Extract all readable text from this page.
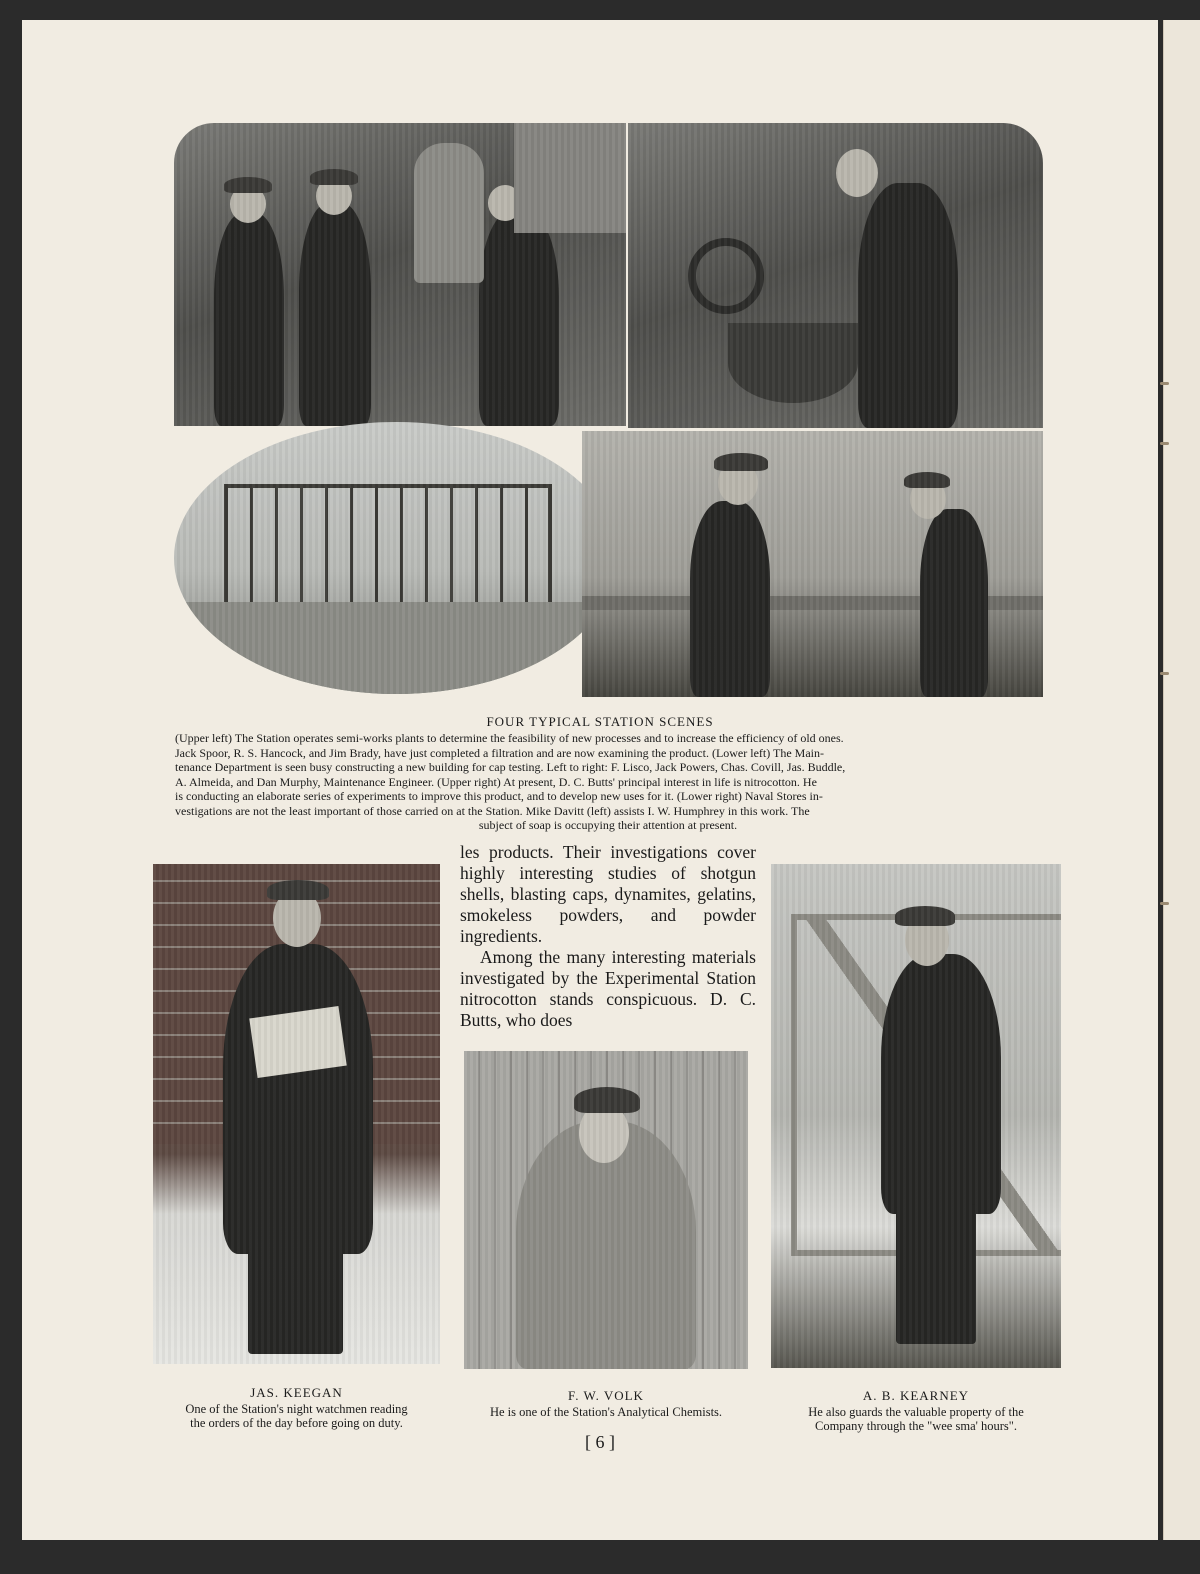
FOUR TYPICAL STATION SCENES
(Upper left) The Station operates semi-works plants to determine the feasibility of new processes and to increase the efficiency of old ones.
Jack Spoor, R. S. Hancock, and Jim Brady, have just completed a filtration and are now examining the product. (Lower left) The Main-
tenance Department is seen busy constructing a new building for cap testing. Left to right: F. Lisco, Jack Powers, Chas. Covill, Jas. Buddle,
A. Almeida, and Dan Murphy, Maintenance Engineer. (Upper right) At present, D. C. Butts' principal interest in life is nitrocotton. He
is conducting an elaborate series of experiments to improve this product, and to develop new uses for it. (Lower right) Naval Stores in-
vestigations are not the least important of those carried on at the Station. Mike Davitt (left) assists I. W. Humphrey in this work. The
subject of soap is occupying their attention at present.

les products. Their investigations cover highly interesting studies of shotgun shells, blasting caps, dynamites, gelatins, smokeless powders, and powder ingredients.

Among the many interesting materials investigated by the Experimental Station nitrocotton stands conspicuous. D. C. Butts, who does

JAS. KEEGAN
One of the Station's night watchmen reading
the orders of the day before going on duty.
F. W. VOLK
He is one of the Station's Analytical Chemists.
A. B. KEARNEY
He also guards the valuable property of the
Company through the "wee sma' hours".
[ 6 ]
